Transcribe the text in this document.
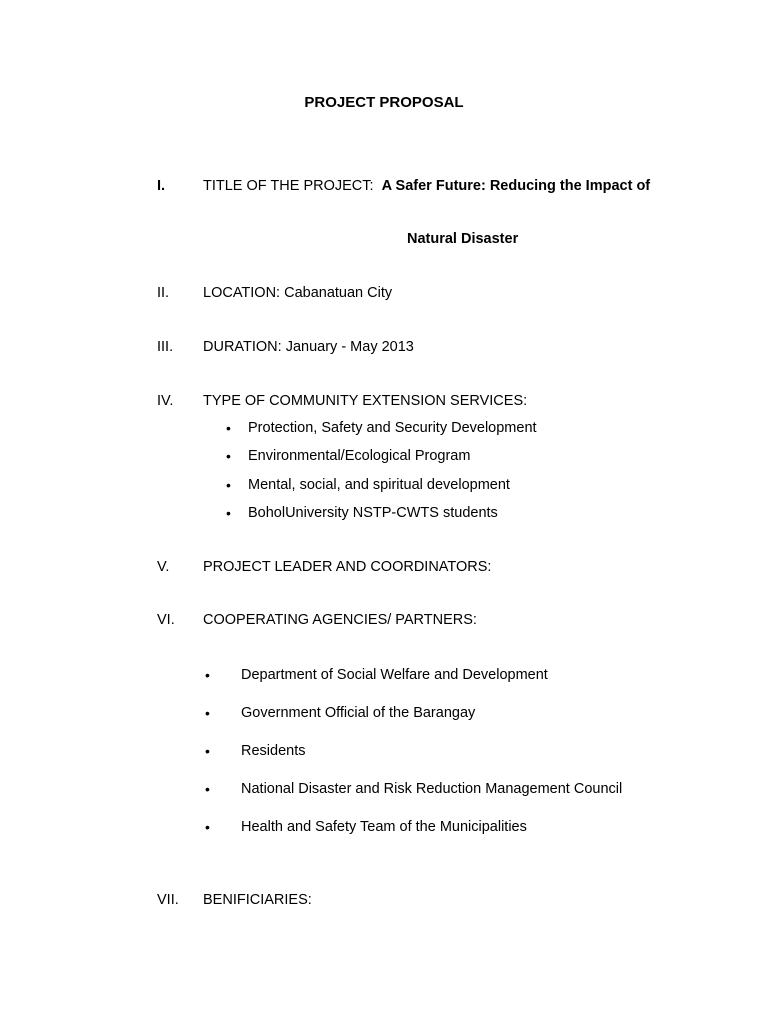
PROJECT PROPOSAL
I.	TITLE OF THE PROJECT: A Safer Future: Reducing the Impact of
Natural Disaster
II. LOCATION: Cabanatuan City
III. DURATION: January - May 2013
IV. TYPE OF COMMUNITY EXTENSION SERVICES:
• Protection, Safety and Security Development
• Environmental/Ecological Program
• Mental, social, and spiritual development
• BoholUniversity NSTP-CWTS students
V. PROJECT LEADER AND COORDINATORS:
VI. COOPERATING AGENCIES/ PARTNERS:
• Department of Social Welfare and Development
• Government Official of the Barangay
• Residents
• National Disaster and Risk Reduction Management Council
• Health and Safety Team of the Municipalities
VII. BENIFICIARIES:
